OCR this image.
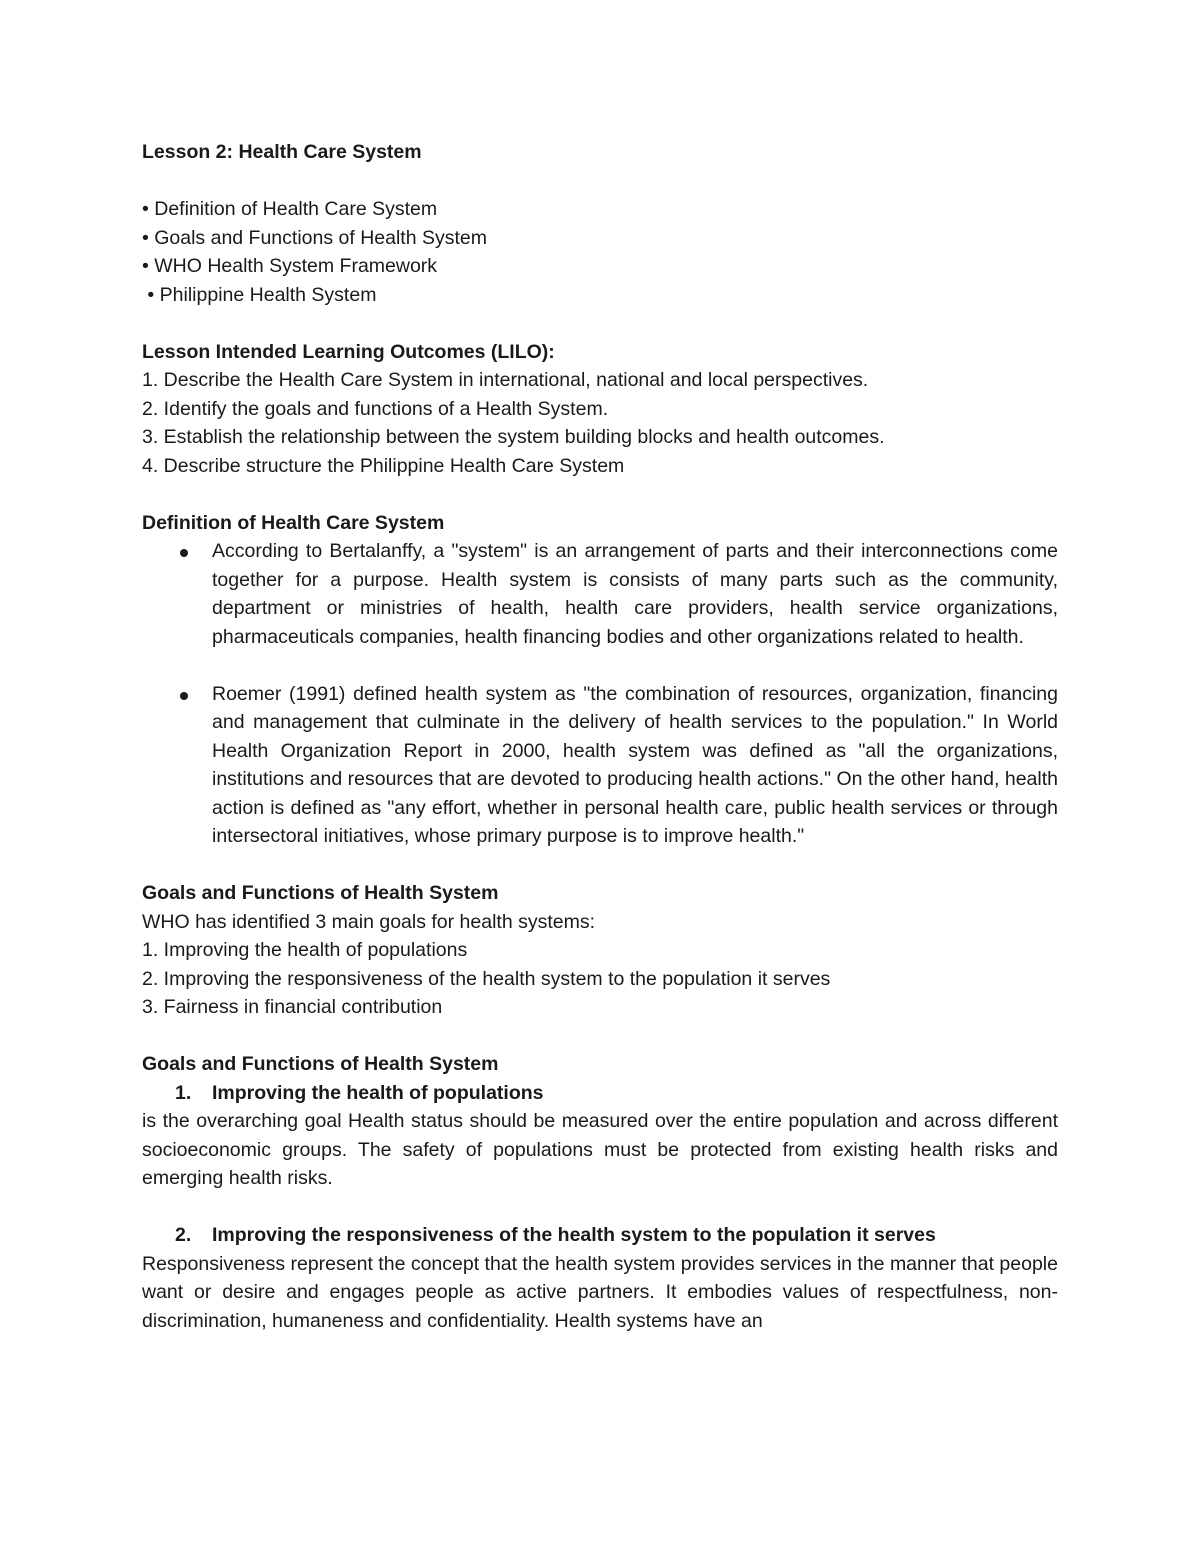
Lesson 2: Health Care System
• Definition of Health Care System
• Goals and Functions of Health System
• WHO Health System Framework
• Philippine Health System
Lesson Intended Learning Outcomes (LILO):
1. Describe the Health Care System in international, national and local perspectives.
2. Identify the goals and functions of a Health System.
3. Establish the relationship between the system building blocks and health outcomes.
4. Describe structure the Philippine Health Care System
Definition of Health Care System
According to Bertalanffy, a "system" is an arrangement of parts and their interconnections come together for a purpose. Health system is consists of many parts such as the community, department or ministries of health, health care providers, health service organizations, pharmaceuticals companies, health financing bodies and other organizations related to health.
Roemer (1991) defined health system as "the combination of resources, organization, financing and management that culminate in the delivery of health services to the population." In World Health Organization Report in 2000, health system was defined as "all the organizations, institutions and resources that are devoted to producing health actions." On the other hand, health action is defined as "any effort, whether in personal health care, public health services or through intersectoral initiatives, whose primary purpose is to improve health."
Goals and Functions of Health System
WHO has identified 3 main goals for health systems:
1. Improving the health of populations
2. Improving the responsiveness of the health system to the population it serves
3. Fairness in financial contribution
Goals and Functions of Health System
1. Improving the health of populations
is the overarching goal Health status should be measured over the entire population and across different socioeconomic groups. The safety of populations must be protected from existing health risks and emerging health risks.
2. Improving the responsiveness of the health system to the population it serves
Responsiveness represent the concept that the health system provides services in the manner that people want or desire and engages people as active partners. It embodies values of respectfulness, non-discrimination, humaneness and confidentiality. Health systems have an
